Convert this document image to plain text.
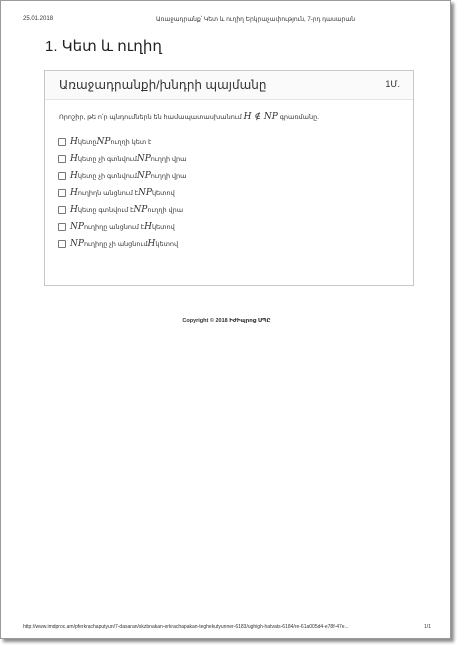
25.01.2018	Առաջադրանք՝ Կետ և ուղիղ Երկրաչափություն, 7-րդ դասարան
1. Կետ և ուղիղ
Առաջադրանքի/խնդրի պայմանը	1Մ.
Որոշիր, թե ո՛ր պնդումներն են համապատասխանում H ∉ NP գրառմանը.
H կետը NP ուղղի կետ է
H կետը չի գտնվում NP ուղղի վրա
H կետը չի գտնվում NP ուղղի վրա
H ուղիղն անցնում է NP կետով
H կետը գտնվում է NP ուղղի վրա
NP ուղիղը անցնում է H կետով
NP ուղիղը չի անցնում H կետով
Copyright © 2018 ԻԺԻպրոց ՍՊԸ
http://www.imdproc.am/pferkrachaputyun/7-dasaran/skzbnakan-erkrachapakan-teghekutyunner-6183/ughigh-hatvats-6184/re-61a005d4-e78f-47e...	1/1
